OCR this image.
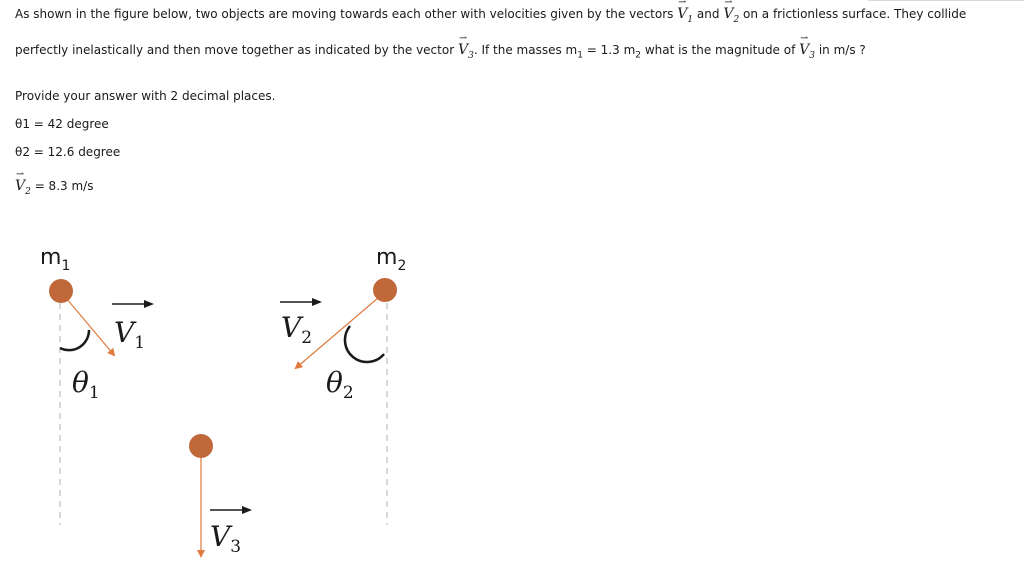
As shown in the figure below, two objects are moving towards each other with velocities given by the vectors
⇀
$V_1$ and
⇀
$V_2$ on a frictionless surface. They collide
perfectly inelastically and then move together as indicated by the vector
⇀
$V_3$. If the masses $m_1 = 1.3$ $m_2$ what is the magnitude of
⇀
$V_3$ in m/s ?
Provide your answer with 2 decimal places.
θ1 = 42 degree
θ2 = 12.6 degree
⇀
$V_2 = 8.3$ m/s
$m_1$
$V_1$
$\theta_1$
$m_2$
$V_2$
$\theta_2$
$V_3$
